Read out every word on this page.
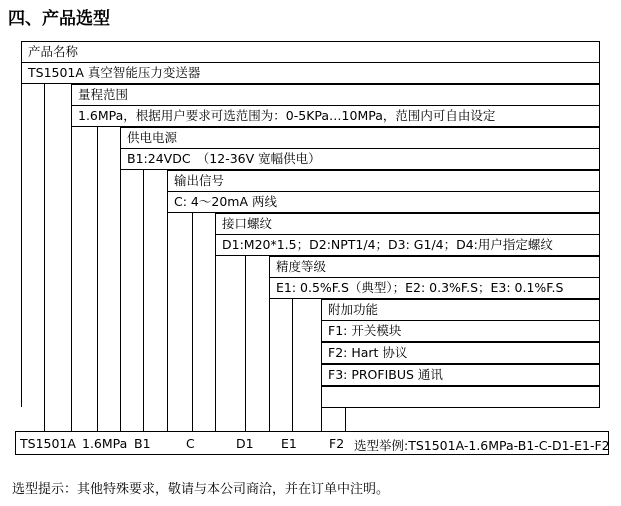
四、产品选型
产品名称
TS1501A 真空智能压力变送器
量程范围
1.6MPa，根据用户要求可选范围为：0-5KPa…10MPa，范围内可自由设定
供电电源
B1:24VDC　（12-36V 宽幅供电）
输出信号
C: 4～20mA 两线
接口螺纹
D1:M20*1.5；D2:NPT1/4；D3: G1/4；D4:用户指定螺纹
精度等级
E1: 0.5%F.S（典型）；E2: 0.3%F.S；E3: 0.1%F.S
附加功能
F1: 开关模块
F2: Hart 协议
F3: PROFIBUS 通讯
TS1501A 1.6MPa B1	C	D1 E1	F2 选型举例:TS1501A-1.6MPa-B1-C-D1-E1-F2
选型提示：其他特殊要求，敬请与本公司商洽，并在订单中注明。
